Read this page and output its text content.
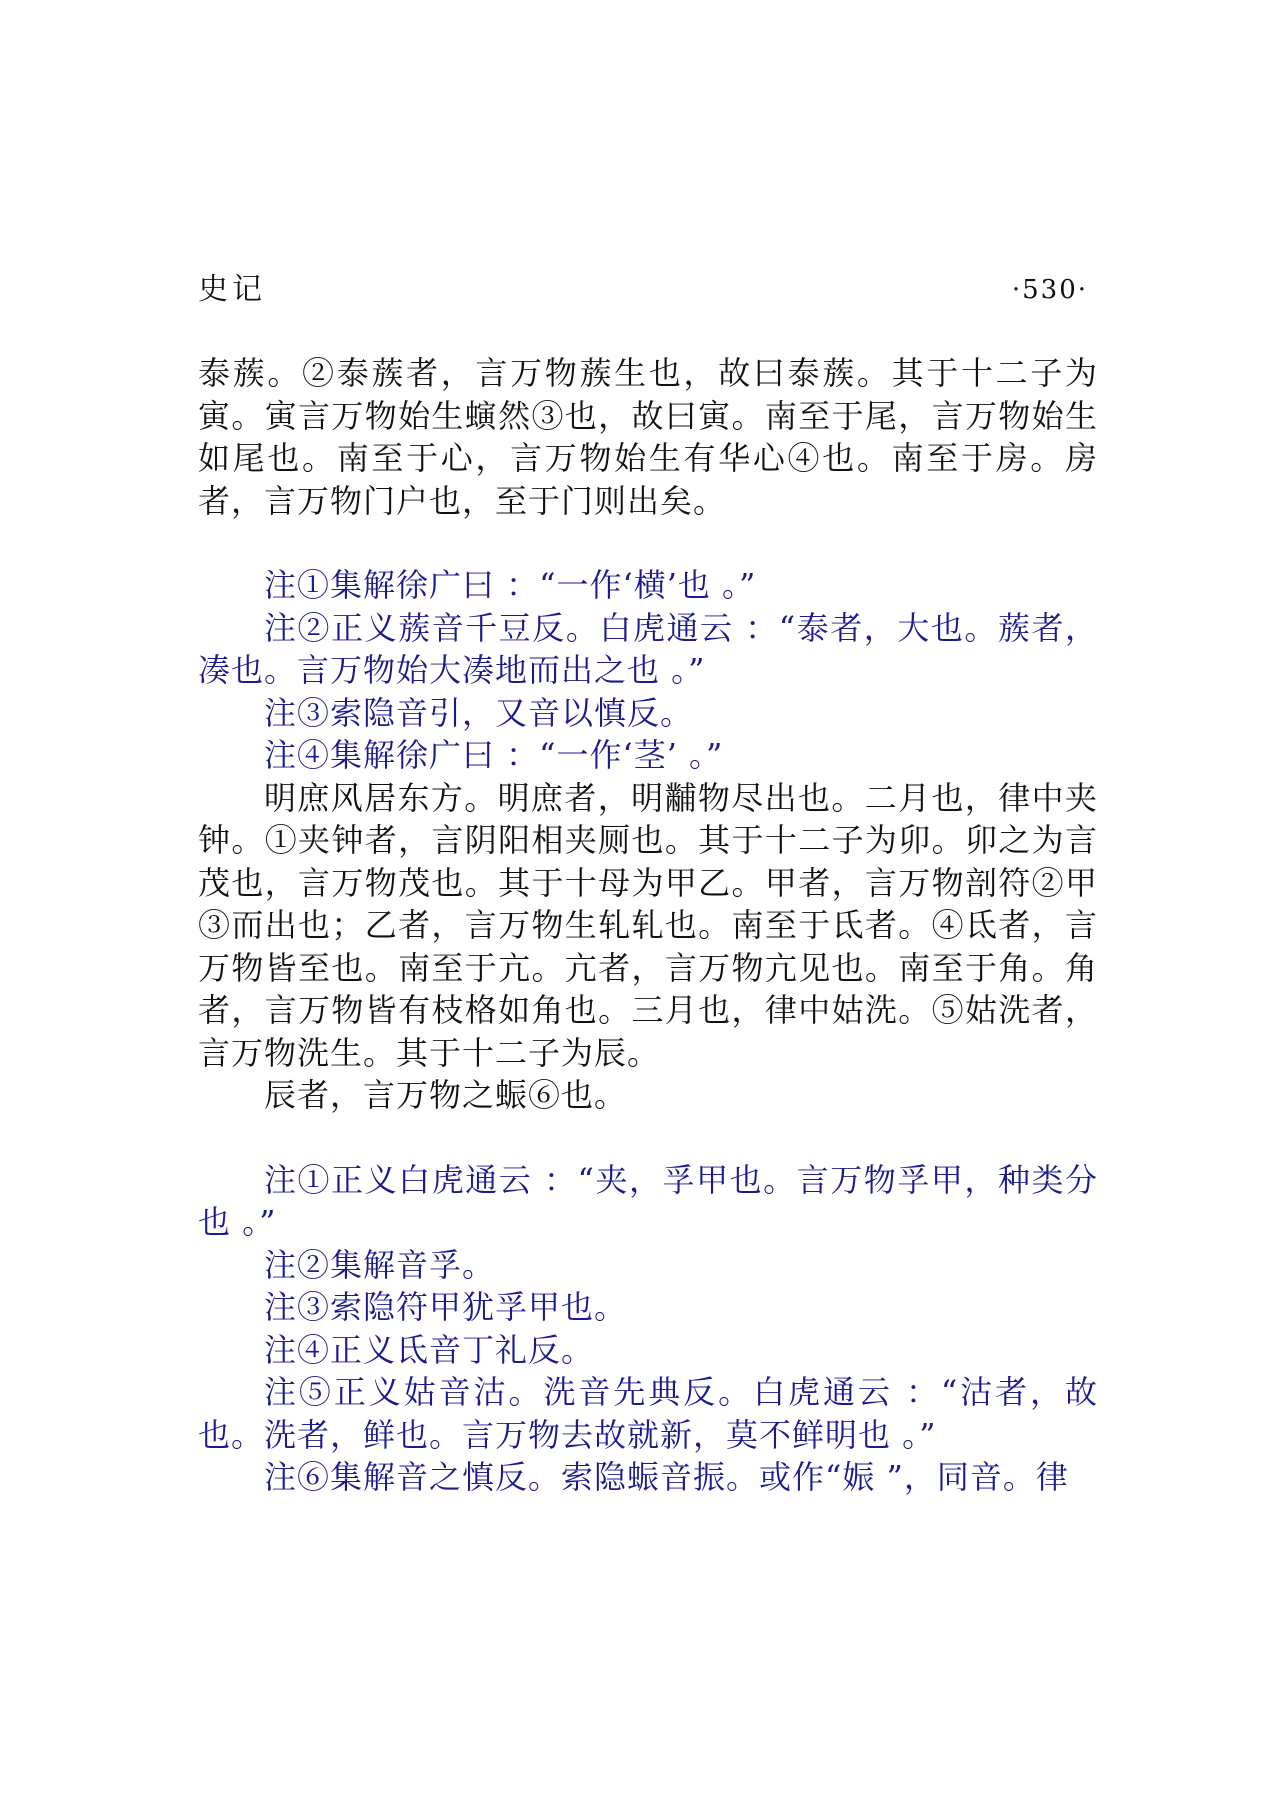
史记	·530·

泰蔟。②泰蔟者，言万物蔟生也，故曰泰蔟。其于十二子为寅。寅言万物始生螾然③也，故曰寅。南至于尾，言万物始生如尾也。南至于心，言万物始生有华心④也。南至于房。房者，言万物门户也，至于门则出矣。

注①集解徐广曰 ：“一作‘横’也 。”

注②正义蔟音千豆反。白虎通云 ：“泰者，大也。蔟者，凑也。言万物始大凑地而出之也 。”

注③索隐音引，又音以慎反。

注④集解徐广曰 ：“一作‘茎’ 。”

明庶风居东方。明庶者，明黼物尽出也。二月也，律中夹钟。①夹钟者，言阴阳相夹厕也。其于十二子为卯。卯之为言茂也，言万物茂也。其于十母为甲乙。甲者，言万物剖符②甲③而出也；乙者，言万物生轧轧也。南至于氐者。④氐者，言万物皆至也。南至于亢。亢者，言万物亢见也。南至于角。角者，言万物皆有枝格如角也。三月也，律中姑洗。⑤姑洗者，言万物洗生。其于十二子为辰。

辰者，言万物之蜄⑥也。

注①正义白虎通云 ：“夹，孚甲也。言万物孚甲，种类分也 。”

注②集解音孚。

注③索隐符甲犹孚甲也。

注④正义氐音丁礼反。

注⑤正义姑音沽。洗音先典反。白虎通云 ：“沽者，故也。洗者，鲜也。言万物去故就新，莫不鲜明也 。”

注⑥集解音之慎反。索隐蜄音振。或作“娠 ”，同音。律
